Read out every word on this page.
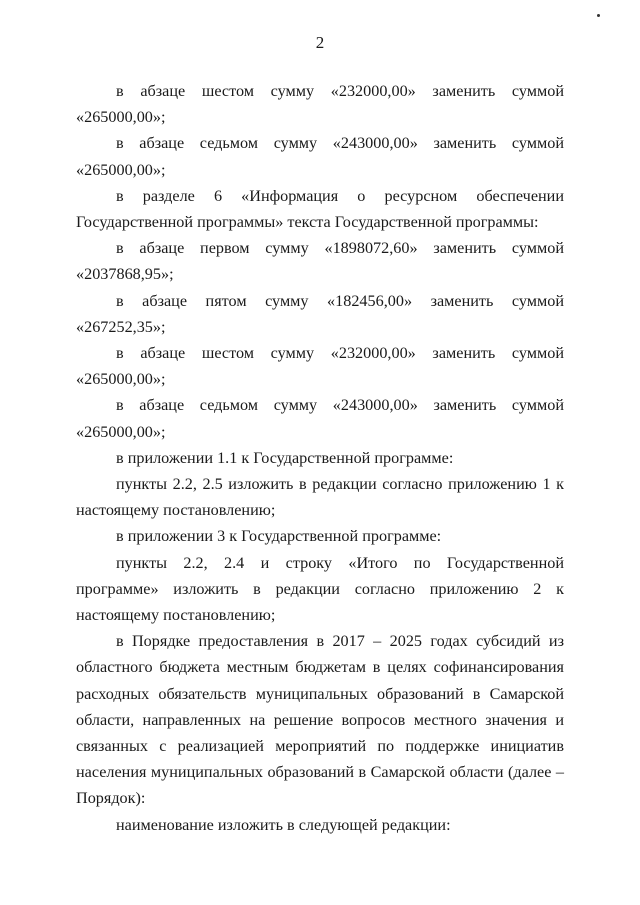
2

в абзаце шестом сумму «232000,00» заменить суммой «265000,00»;

в абзаце седьмом сумму «243000,00» заменить суммой «265000,00»;

в разделе 6 «Информация о ресурсном обеспечении Государственной программы» текста Государственной программы:

в абзаце первом сумму «1898072,60» заменить суммой «2037868,95»;

в абзаце пятом сумму «182456,00» заменить суммой «267252,35»;

в абзаце шестом сумму «232000,00» заменить суммой «265000,00»;

в абзаце седьмом сумму «243000,00» заменить суммой «265000,00»;

в приложении 1.1 к Государственной программе:

пункты 2.2, 2.5 изложить в редакции согласно приложению 1 к настоящему постановлению;

в приложении 3 к Государственной программе:

пункты 2.2, 2.4 и строку «Итого по Государственной программе» изложить в редакции согласно приложению 2 к настоящему постановлению;

в Порядке предоставления в 2017 – 2025 годах субсидий из областного бюджета местным бюджетам в целях софинансирования расходных обязательств муниципальных образований в Самарской области, направленных на решение вопросов местного значения и связанных с реализацией мероприятий по поддержке инициатив населения муниципальных образований в Самарской области (далее – Порядок):

наименование изложить в следующей редакции:
